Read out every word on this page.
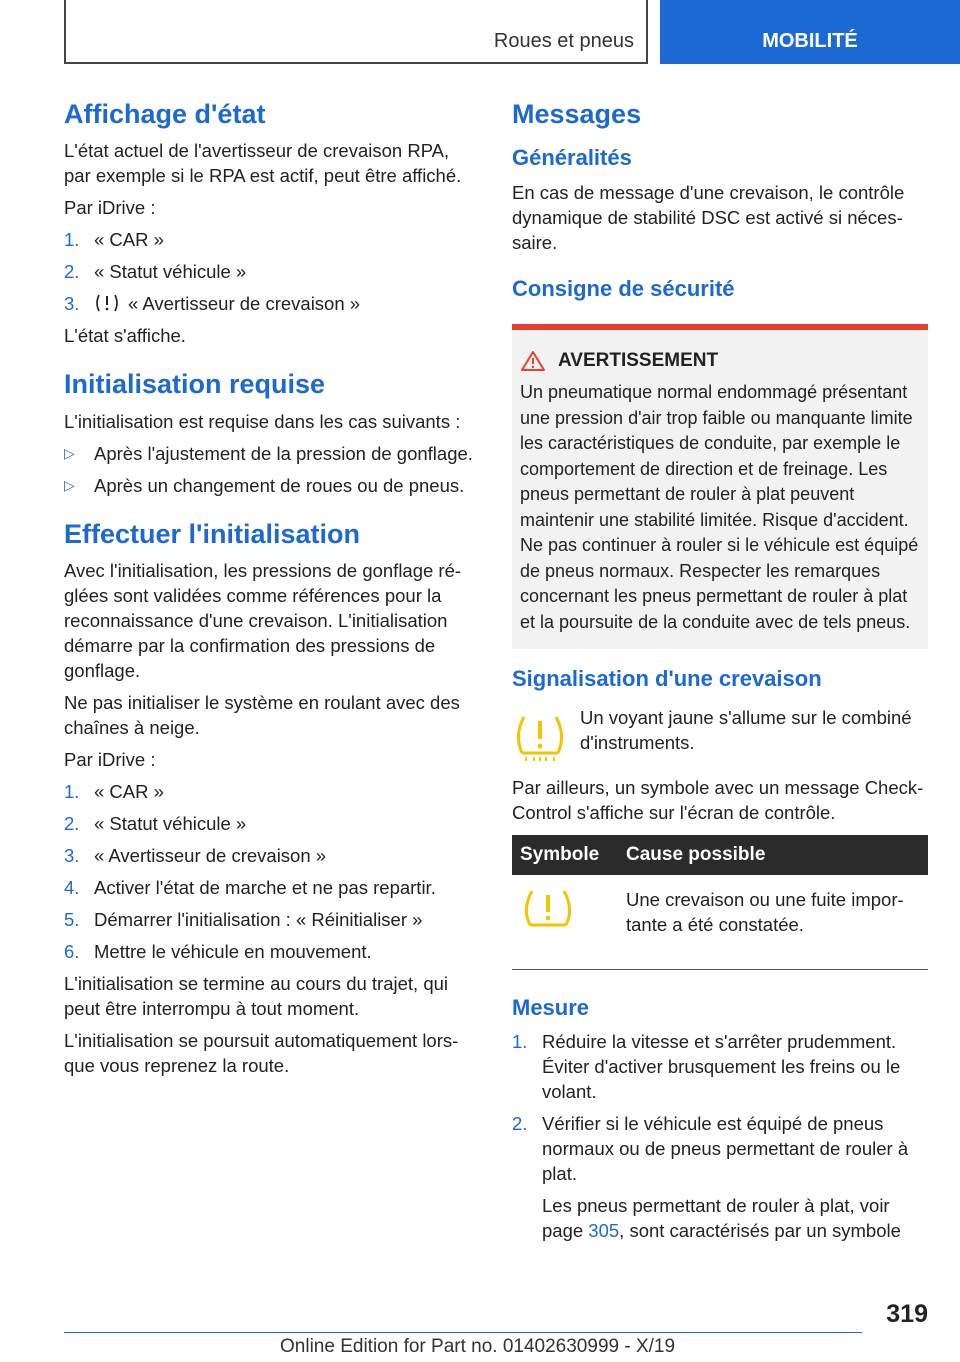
Roues et pneus	MOBILITÉ
Affichage d'état

L'état actuel de l'avertisseur de crevaison RPA, par exemple si le RPA est actif, peut être affiché.

Par iDrive :

1. « CAR »
2. « Statut véhicule »
3.	« Avertisseur de crevaison »

L'état s'affiche.

Initialisation requise

L'initialisation est requise dans les cas suivants :

▷ Après l'ajustement de la pression de gonflage.
▷ Après un changement de roues ou de pneus.
Effectuer l'initialisation

Avec l'initialisation, les pressions de gonflage réglées sont validées comme références pour la reconnaissance d'une crevaison. L'initialisation démarre par la confirmation des pressions de gonflage.

Ne pas initialiser le système en roulant avec des chaînes à neige.

Par iDrive :

1. « CAR »
2. « Statut véhicule »
3. « Avertisseur de crevaison »
4. Activer l'état de marche et ne pas repartir.
5. Démarrer l'initialisation : « Réinitialiser »
6. Mettre le véhicule en mouvement.

L'initialisation se termine au cours du trajet, qui peut être interrompu à tout moment.

L'initialisation se poursuit automatiquement lorsque vous reprenez la route.

Messages
Généralités

En cas de message d'une crevaison, le contrôle dynamique de stabilité DSC est activé si nécessaire.

Consigne de sécurité
AVERTISSEMENT

Un pneumatique normal endommagé présentant une pression d'air trop faible ou manquante limite les caractéristiques de conduite, par exemple le comportement de direction et de freinage. Les pneus permettant de rouler à plat peuvent maintenir une stabilité limitée. Risque d'accident. Ne pas continuer à rouler si le véhicule est équipé de pneus normaux. Respecter les remarques concernant les pneus permettant de rouler à plat et la poursuite de la conduite avec de tels pneus.

Signalisation d'une crevaison

Un voyant jaune s'allume sur le combiné d'instruments.

Par ailleurs, un symbole avec un message Check-Control s'affiche sur l'écran de contrôle.

Symbole	Cause possible
	Une crevaison ou une fuite importante a été constatée.
Mesure
1. Réduire la vitesse et s'arrêter prudemment. Éviter d'activer brusquement les freins ou le volant.
2. Vérifier si le véhicule est équipé de pneus normaux ou de pneus permettant de rouler à plat.

Les pneus permettant de rouler à plat, voir page 305, sont caractérisés par un symbole

319
Online Edition for Part no. 01402630999 - X/19
